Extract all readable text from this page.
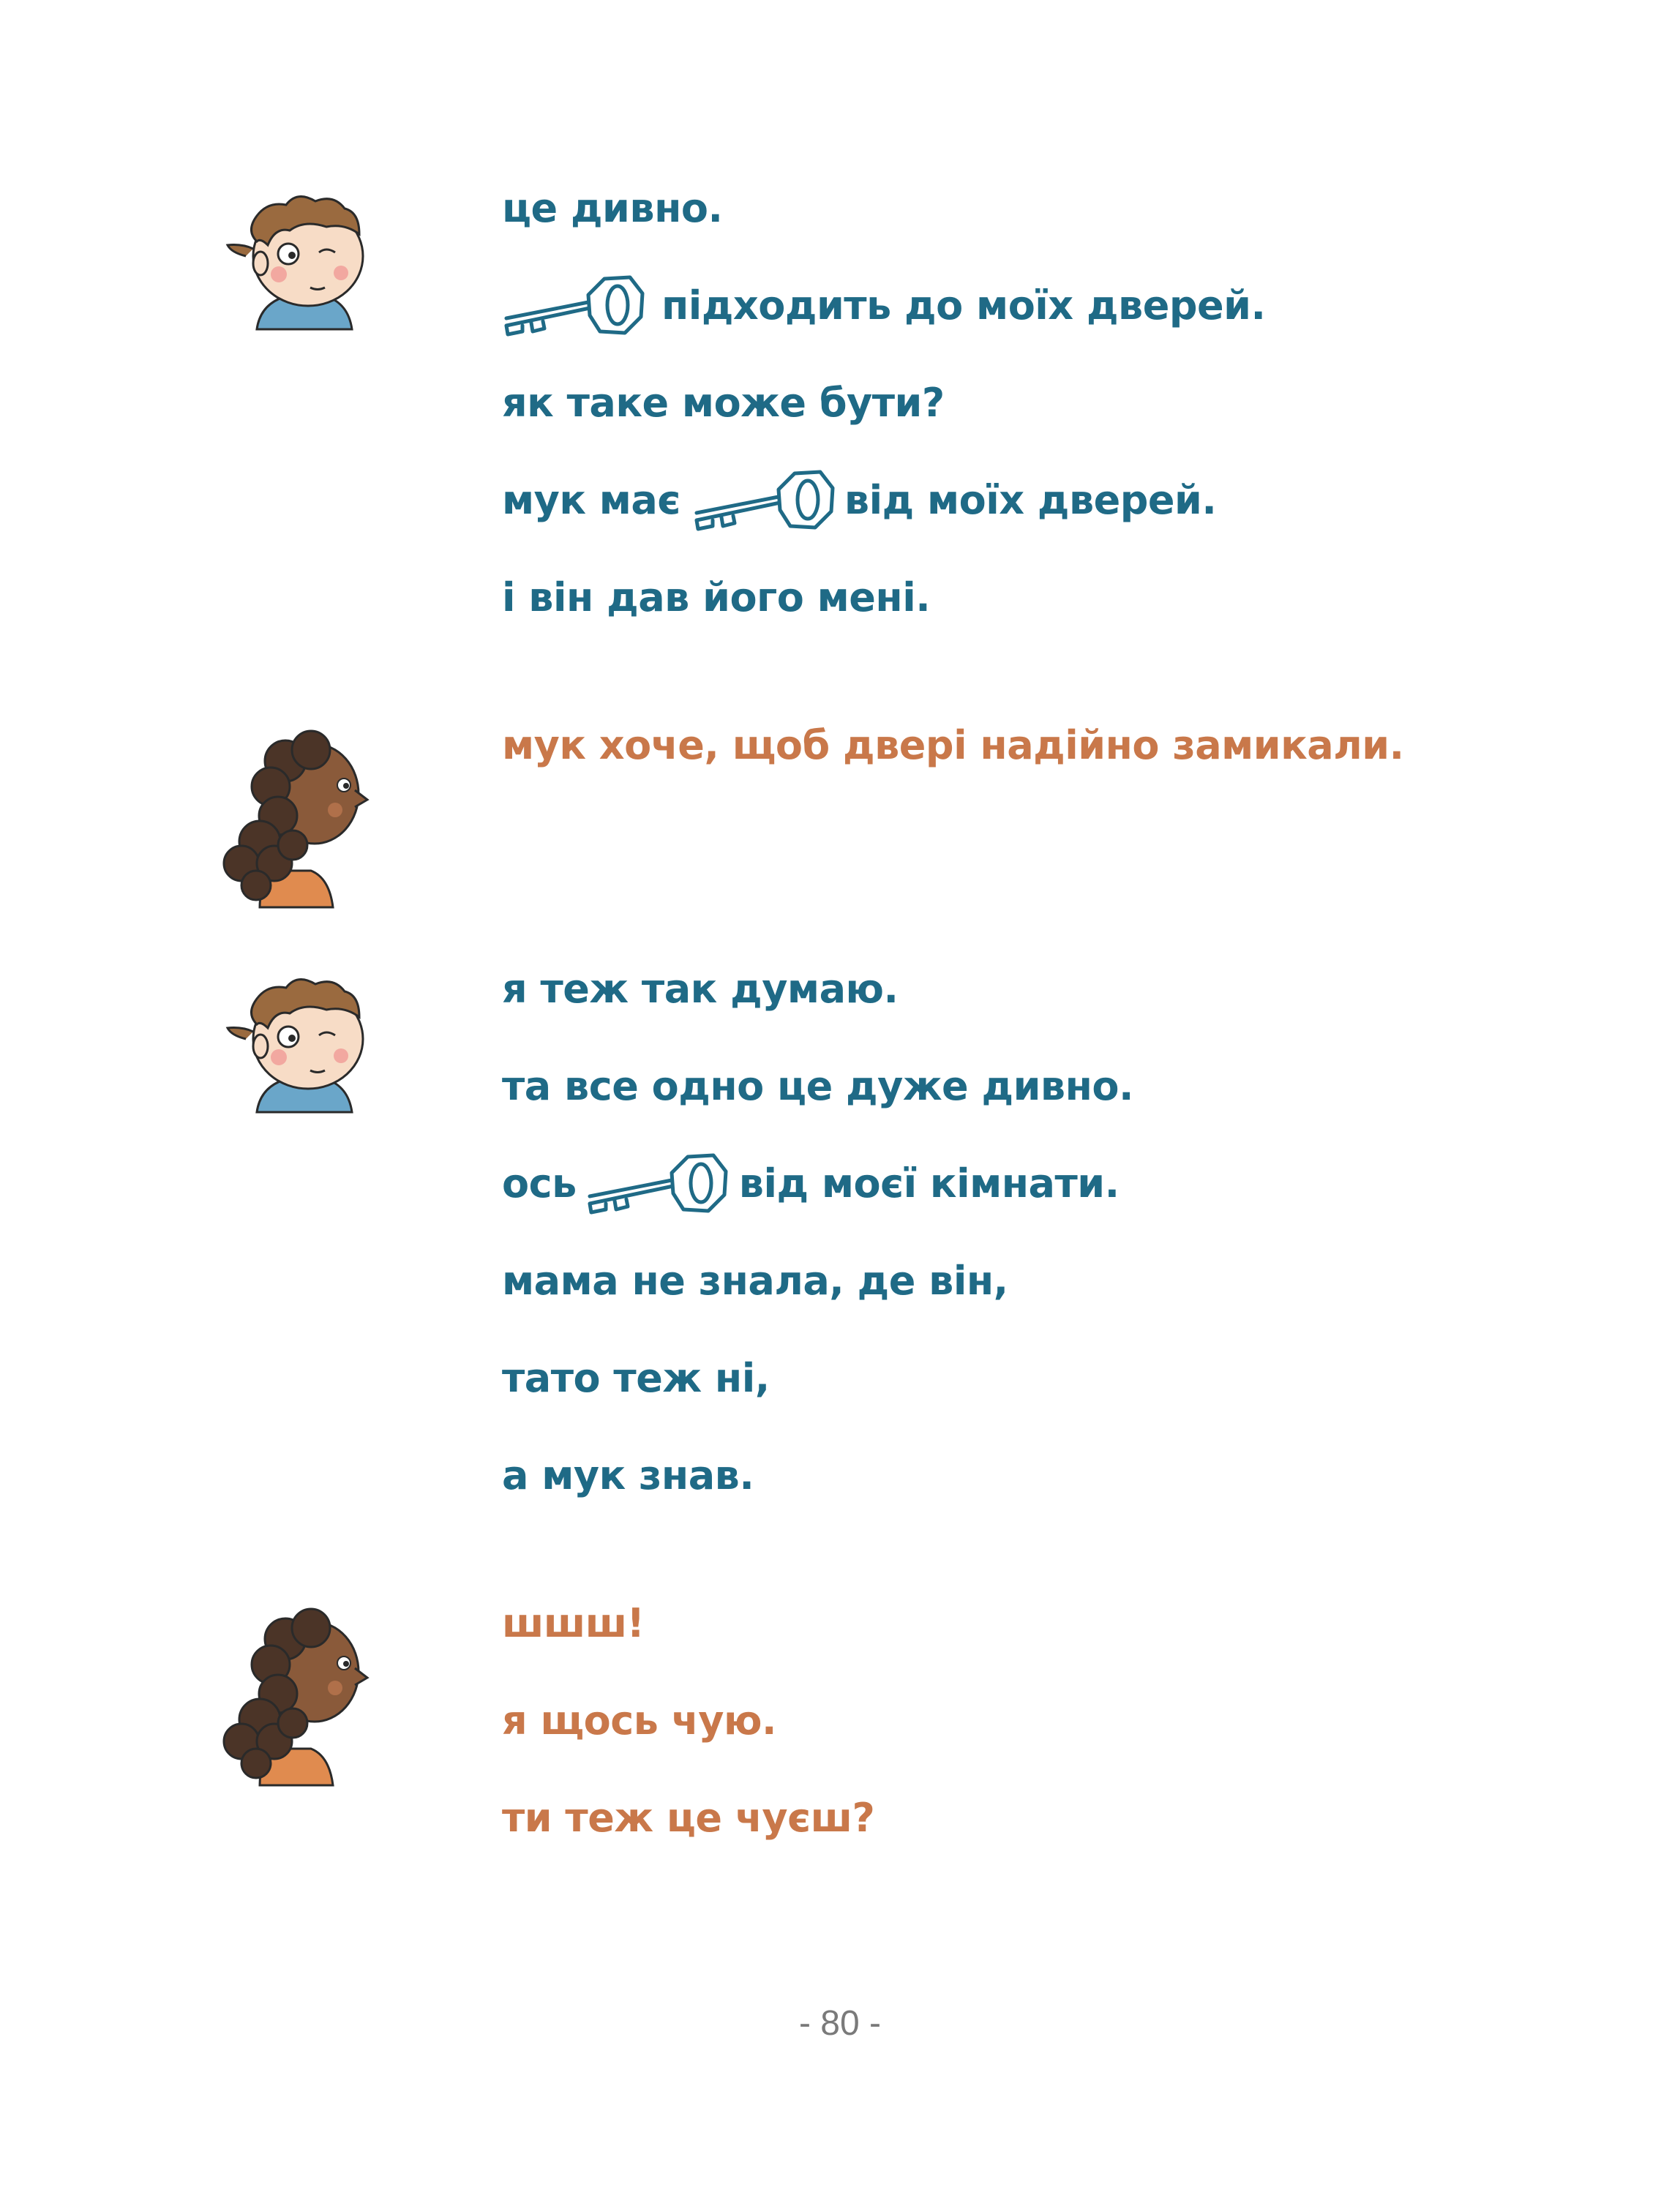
це дивно.
підходить до моїх дверей.
як таке може бути?
мук має	від моїх дверей.
і він дав його мені.
мук хоче, щоб двері надійно замикали.
я теж так думаю.
та все одно це дуже дивно.
ось	від моєї кімнати.
мама не знала, де він,
тато теж ні,
а мук знав.
шшш!
я щось чую.
ти теж це чуєш?
- 80 -
